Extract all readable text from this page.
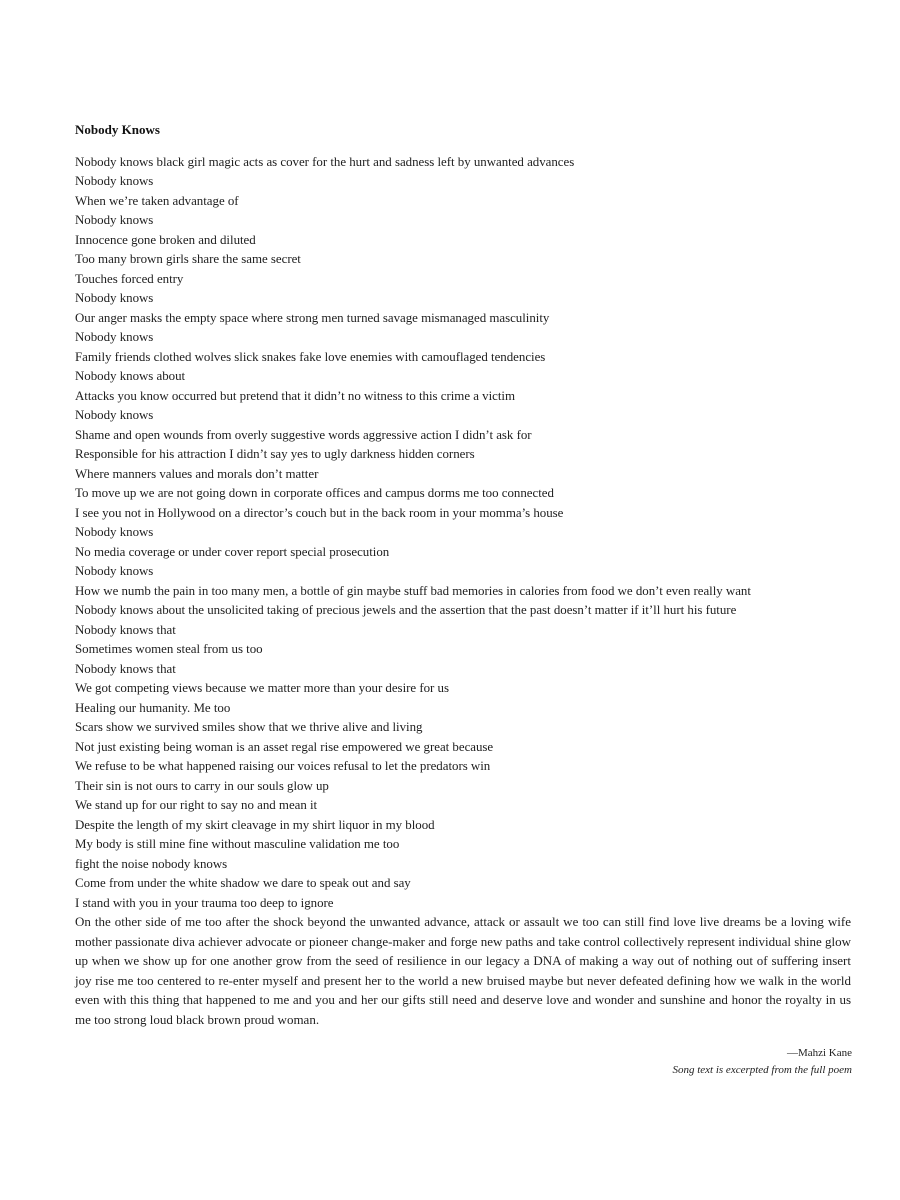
Nobody Knows
Nobody knows black girl magic acts as cover for the hurt and sadness left by unwanted advances
Nobody knows
When we’re taken advantage of
Nobody knows
Innocence gone broken and diluted
Too many brown girls share the same secret
Touches forced entry
Nobody knows
Our anger masks the empty space where strong men turned savage mismanaged masculinity
Nobody knows
Family friends clothed wolves slick snakes fake love enemies with camouflaged tendencies
Nobody knows about
Attacks you know occurred but pretend that it didn’t no witness to this crime a victim
Nobody knows
Shame and open wounds from overly suggestive words aggressive action I didn’t ask for
Responsible for his attraction I didn’t say yes to ugly darkness hidden corners
Where manners values and morals don’t matter
To move up we are not going down in corporate offices and campus dorms me too connected
I see you not in Hollywood on a director’s couch but in the back room in your momma’s house
Nobody knows
No media coverage or under cover report special prosecution
Nobody knows
How we numb the pain in too many men, a bottle of gin maybe stuff bad memories in calories from food we don’t even really want
Nobody knows about the unsolicited taking of precious jewels and the assertion that the past doesn’t matter if it’ll hurt his future
Nobody knows that
Sometimes women steal from us too
Nobody knows that
We got competing views because we matter more than your desire for us
Healing our humanity. Me too
Scars show we survived smiles show that we thrive alive and living
Not just existing being woman is an asset regal rise empowered we great because
We refuse to be what happened raising our voices refusal to let the predators win
Their sin is not ours to carry in our souls glow up
We stand up for our right to say no and mean it
Despite the length of my skirt cleavage in my shirt liquor in my blood
My body is still mine fine without masculine validation me too
fight the noise nobody knows
Come from under the white shadow we dare to speak out and say
I stand with you in your trauma too deep to ignore

On the other side of me too after the shock beyond the unwanted advance, attack or assault we too can still find love live dreams be a loving wife mother passionate diva achiever advocate or pioneer change-maker and forge new paths and take control collectively represent individual shine glow up when we show up for one another grow from the seed of resilience in our legacy a DNA of making a way out of nothing out of suffering insert joy rise me too centered to re-enter myself and present her to the world a new bruised maybe but never defeated defining how we walk in the world even with this thing that happened to me and you and her our gifts still need and deserve love and wonder and sunshine and honor the royalty in us me too strong loud black brown proud woman.

—Mahzi Kane
Song text is excerpted from the full poem
